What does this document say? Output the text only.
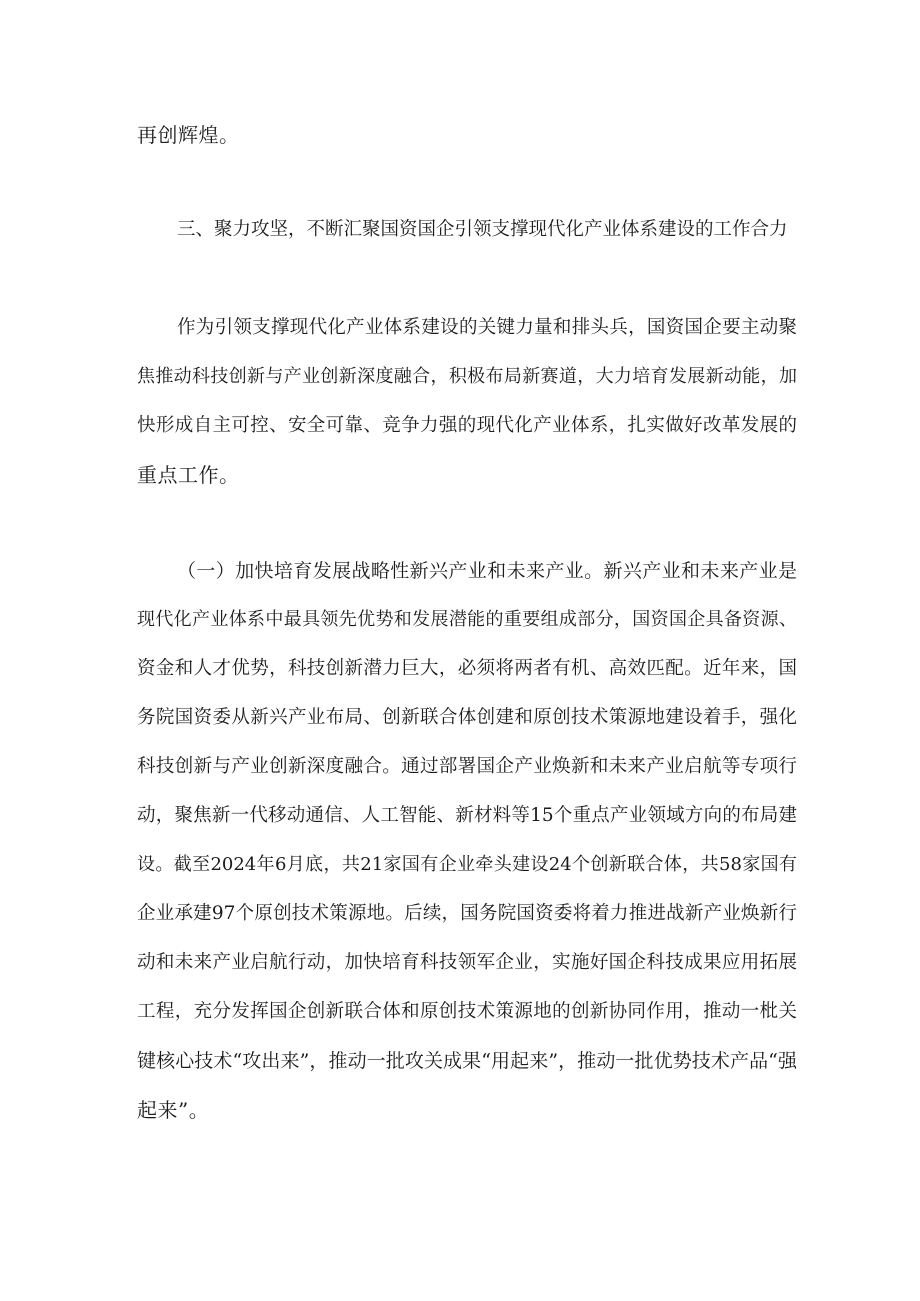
再创辉煌。
三、聚力攻坚，不断汇聚国资国企引领支撑现代化产业体系建设的工作合力
作为引领支撑现代化产业体系建设的关键力量和排头兵，国资国企要主动聚
焦推动科技创新与产业创新深度融合，积极布局新赛道，大力培育发展新动能，加
快形成自主可控、安全可靠、竞争力强的现代化产业体系，扎实做好改革发展的
重点工作。
（一）加快培育发展战略性新兴产业和未来产业。新兴产业和未来产业是
现代化产业体系中最具领先优势和发展潜能的重要组成部分，国资国企具备资源、
资金和人才优势，科技创新潜力巨大，必须将两者有机、高效匹配。近年来，国
务院国资委从新兴产业布局、创新联合体创建和原创技术策源地建设着手，强化
科技创新与产业创新深度融合。通过部署国企产业焕新和未来产业启航等专项行
动，聚焦新一代移动通信、人工智能、新材料等15个重点产业领域方向的布局建
设。截至2024年6月底，共21家国有企业牵头建设24个创新联合体，共58家国有
企业承建97个原创技术策源地。后续，国务院国资委将着力推进战新产业焕新行
动和未来产业启航行动，加快培育科技领军企业，实施好国企科技成果应用拓展
工程，充分发挥国企创新联合体和原创技术策源地的创新协同作用，推动一枇关
键核心技术“攻出来”，推动一批攻关成果“用起来”，推动一批优势技术产品“强
起来”。
